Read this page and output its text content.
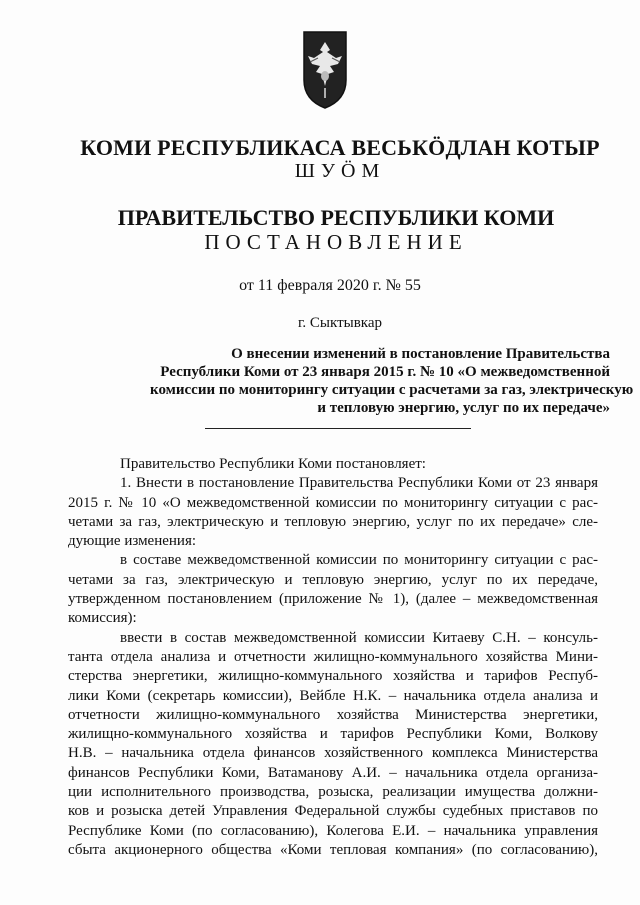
КОМИ РЕСПУБЛИКАСА ВЕСЬКӦДЛАН КОТЫР
ШУӦМ
ПРАВИТЕЛЬСТВО РЕСПУБЛИКИ КОМИ
ПОСТАНОВЛЕНИЕ
от 11 февраля 2020 г. № 55
г. Сыктывкар
О внесении изменений в постановление Правительства
Республики Коми от 23 января 2015 г. № 10 «О межведомственной
комиссии по мониторингу ситуации с расчетами за газ, электрическую
и тепловую энергию, услуг по их передаче»
Правительство Республики Коми постановляет:
1. Внести в постановление Правительства Республики Коми от 23 января
2015 г. № 10 «О межведомственной комиссии по мониторингу ситуации с рас-
четами за газ, электрическую и тепловую энергию, услуг по их передаче» сле-
дующие изменения:
в составе межведомственной комиссии по мониторингу ситуации с рас-
четами за газ, электрическую и тепловую энергию, услуг по их передаче,
утвержденном постановлением (приложение № 1), (далее – межведомственная
комиссия):
ввести в состав межведомственной комиссии Китаеву С.Н. – консуль-
танта отдела анализа и отчетности жилищно-коммунального хозяйства Мини-
стерства энергетики, жилищно-коммунального хозяйства и тарифов Респуб-
лики Коми (секретарь комиссии), Вейбле Н.К. – начальника отдела анализа и
отчетности жилищно-коммунального хозяйства Министерства энергетики,
жилищно-коммунального хозяйства и тарифов Республики Коми, Волкову
Н.В. – начальника отдела финансов хозяйственного комплекса Министерства
финансов Республики Коми, Ватаманову А.И. – начальника отдела организа-
ции исполнительного производства, розыска, реализации имущества должни-
ков и розыска детей Управления Федеральной службы судебных приставов по
Республике Коми (по согласованию), Колегова Е.И. – начальника управления
сбыта акционерного общества «Коми тепловая компания» (по согласованию),
